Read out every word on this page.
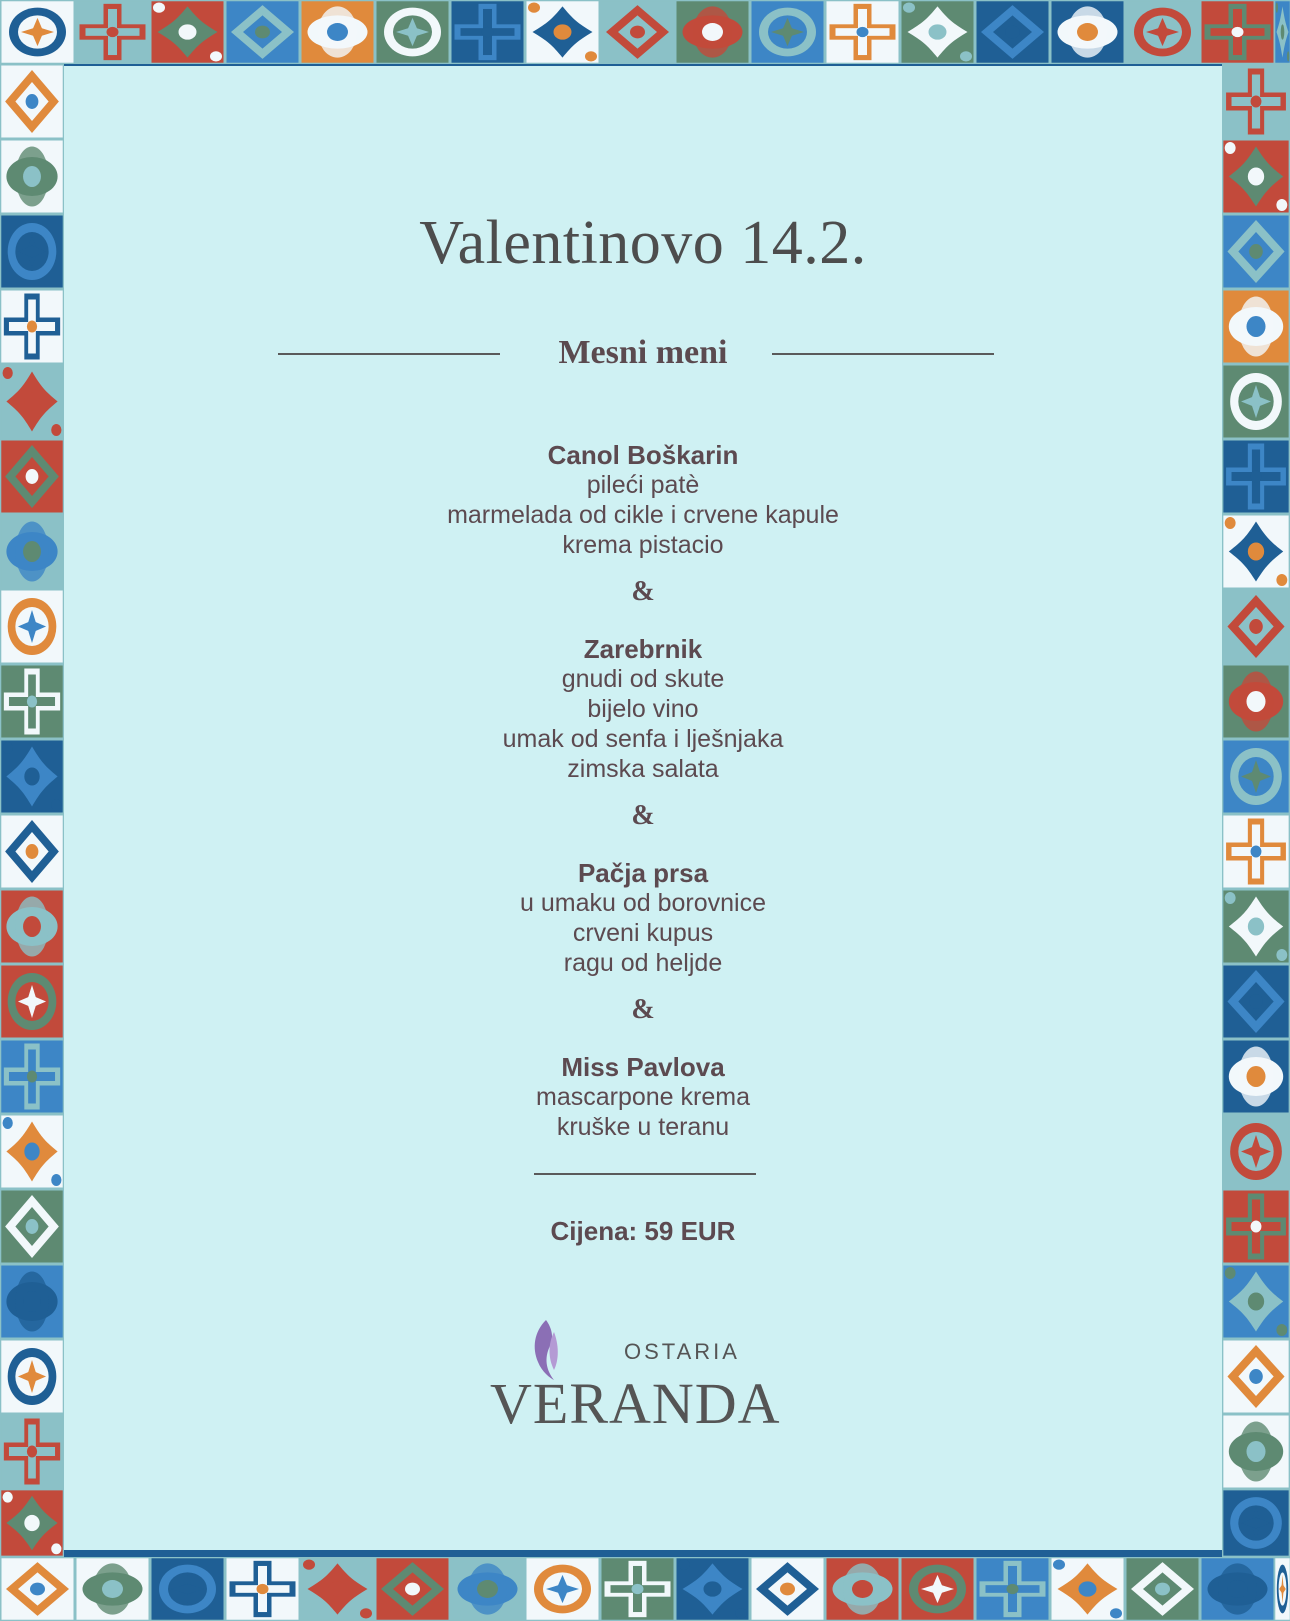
Valentinovo 14.2.
Mesni meni
Canol Boškarin
pileći patè
marmelada od cikle i crvene kapule
krema pistacio
&
Zarebrnik
gnudi od skute
bijelo vino
umak od senfa i lješnjaka
zimska salata
&
Pačja prsa
u umaku od borovnice
crveni kupus
ragu od heljde
&
Miss Pavlova
mascarpone krema
kruške u teranu
Cijena: 59 EUR
OSTARIA
VERANDA
